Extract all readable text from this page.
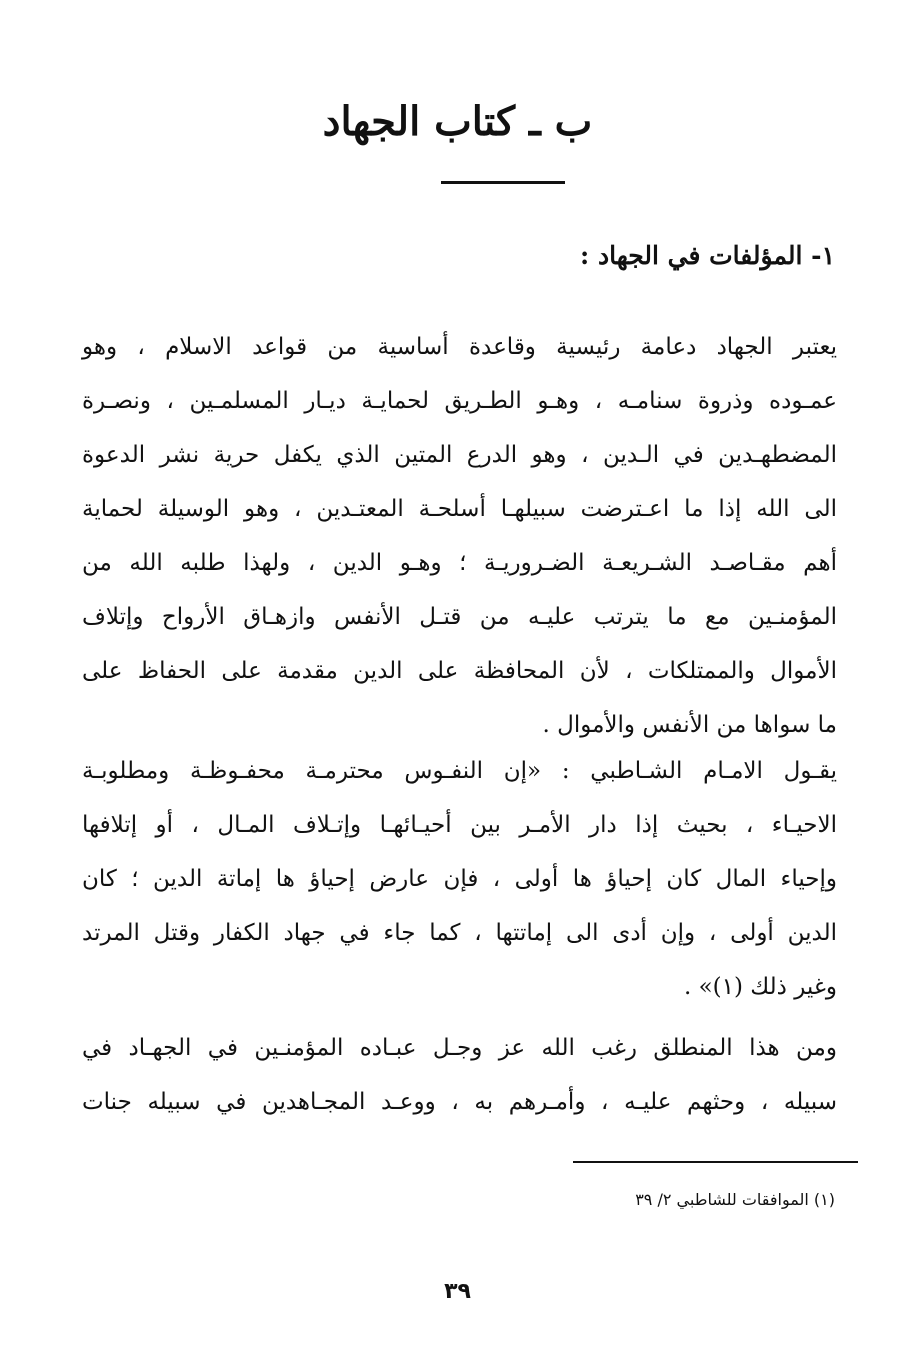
ب ـ كتاب الجهاد
١- المؤلفات في الجهاد :
يعتبر الجهاد دعامة رئيسية وقاعدة أساسية من قواعد الاسلام ، وهو
عمـوده وذروة سنامـه ، وهـو الطـريق لحمايـة ديـار المسلمـين ، ونصـرة
المضطهـدين في الـدين ، وهو الدرع المتين الذي يكفل حرية نشر الدعوة
الى الله إذا ما اعـترضت سبيلهـا أسلحـة المعتـدين ، وهو الوسيلة لحماية
أهم مقـاصـد الشـريعـة الضـروريـة ؛ وهـو الدين ، ولهذا طلبه الله من
المؤمنـين مع ما يترتب عليـه من قتـل الأنفس وازهـاق الأرواح وإتلاف
الأموال والممتلكات ، لأن المحافظة على الدين مقدمة على الحفاظ على
ما سواها من الأنفس والأموال .
يقـول الامـام الشـاطبي : «إن النفـوس محترمـة محفـوظـة ومطلوبـة
الاحيـاء ، بحيث إذا دار الأمـر بين أحيـائهـا وإتـلاف المـال ، أو إتلافها
وإحياء المال كان إحياؤ ها أولى ، فإن عارض إحياؤ ها إماتة الدين ؛ كان
الدين أولى ، وإن أدى الى إماتتها ، كما جاء في جهاد الكفار وقتل المرتد
وغير ذلك (١)» .
ومن هذا المنطلق رغب الله عز وجـل عبـاده المؤمنـين في الجهـاد في
سبيله ، وحثهم عليـه ، وأمـرهم به ، ووعـد المجـاهدين في سبيله جنات
(١) الموافقات للشاطبي ٢/ ٣٩
٣٩
